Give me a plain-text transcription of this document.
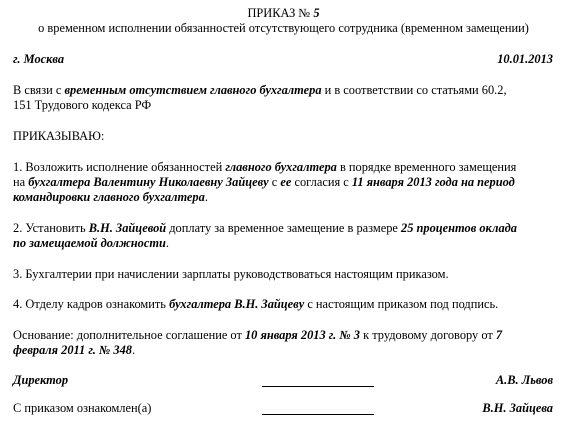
ПРИКАЗ № 5
о временном исполнении обязанностей отсутствующего сотрудника (временном замещении)
г. Москва	10.01.2013
В связи с временным отсутствием главного бухгалтера и в соответствии со статьями 60.2,
151 Трудового кодекса РФ
ПРИКАЗЫВАЮ:
1. Возложить исполнение обязанностей главного бухгалтера в порядке временного замещения
на бухгалтера Валентину Николаевну Зайцеву с ее согласия с 11 января 2013 года на период
командировки главного бухгалтера.
2. Установить В.Н. Зайцевой доплату за временное замещение в размере 25 процентов оклада
по замещаемой должности.
3. Бухгалтерии при начислении зарплаты руководствоваться настоящим приказом.
4. Отделу кадров ознакомить бухгалтера В.Н. Зайцеву с настоящим приказом под подпись.
Основание: дополнительное соглашение от 10 января 2013 г. № 3 к трудовому договору от 7
февраля 2011 г. № 348.
Директор	А.В. Львов
С приказом ознакомлен(а)	В.Н. Зайцева
